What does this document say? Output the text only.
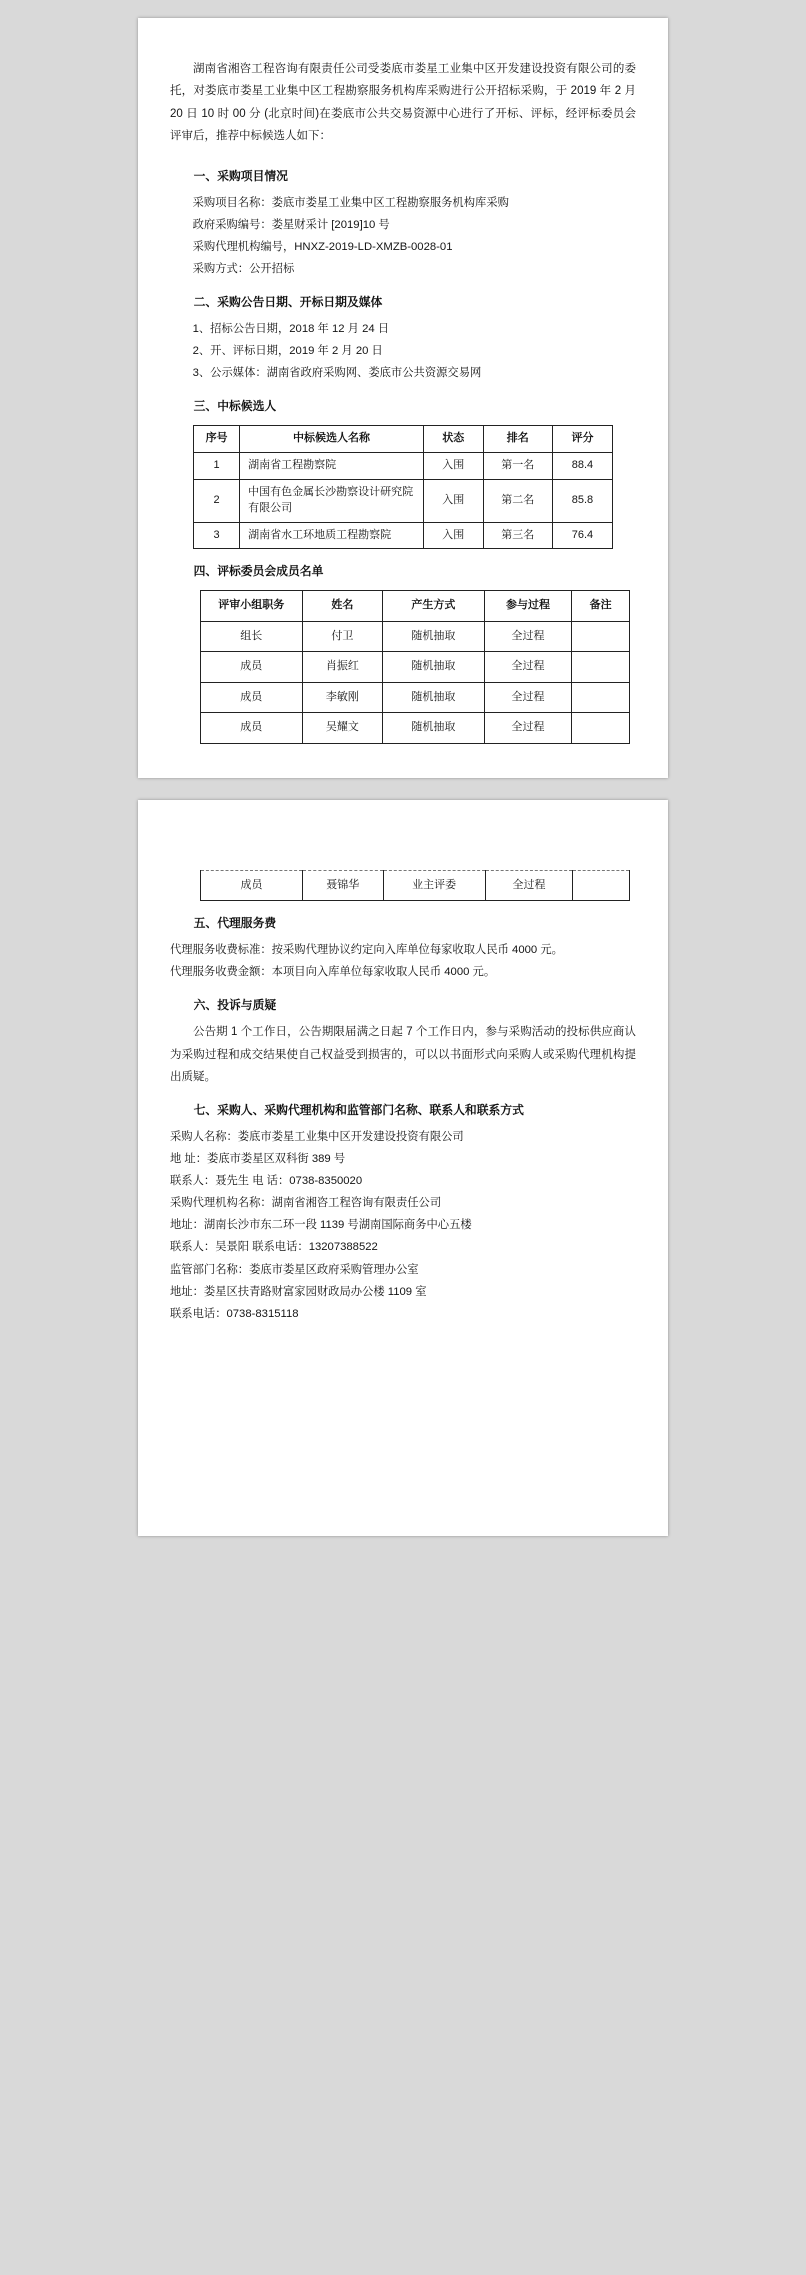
湖南省湘咨工程咨询有限责任公司受娄底市娄星工业集中区开发建设投资有限公司的委托，对娄底市娄星工业集中区工程勘察服务机构库采购进行公开招标采购，于 2019 年 2 月 20 日 10 时 00 分 (北京时间)在娄底市公共交易资源中心进行了开标、评标，经评标委员会评审后，推荐中标候选人如下：

一、采购项目情况

采购项目名称：娄底市娄星工业集中区工程勘察服务机构库采购

政府采购编号：娄星财采计 [2019]10 号

采购代理机构编号，HNXZ-2019-LD-XMZB-0028-01

采购方式：公开招标

二、采购公告日期、开标日期及媒体

1、招标公告日期，2018 年 12 月 24 日

2、开、评标日期，2019 年 2 月 20 日

3、公示媒体：湖南省政府采购网、娄底市公共资源交易网

三、中标候选人
序号	中标候选人名称	状态	排名	评分
1	湖南省工程勘察院	入围	第一名	88.4
2	中国有色金属长沙勘察设计研究院有限公司	入围	第二名	85.8
3	湖南省水工环地质工程勘察院	入围	第三名	76.4
四、评标委员会成员名单
评审小组职务	姓名	产生方式	参与过程	备注
组长	付卫	随机抽取	全过程	
成员	肖振红	随机抽取	全过程	
成员	李敏刚	随机抽取	全过程	
成员	吴耀文	随机抽取	全过程	
成员	聂锦华	业主评委	全过程	
五、代理服务费

代理服务收费标准：按采购代理协议约定向入库单位每家收取人民币 4000 元。

代理服务收费金额：本项目向入库单位每家收取人民币 4000 元。

六、投诉与质疑

公告期 1 个工作日，公告期限届满之日起 7 个工作日内，参与采购活动的投标供应商认为采购过程和成交结果使自己权益受到损害的，可以以书面形式向采购人或采购代理机构提出质疑。

七、采购人、采购代理机构和监管部门名称、联系人和联系方式

采购人名称：娄底市娄星工业集中区开发建设投资有限公司

地 址：娄底市娄星区双科街 389 号

联系人：聂先生 电 话：0738-8350020

采购代理机构名称：湖南省湘咨工程咨询有限责任公司

地址：湖南长沙市东二环一段 1139 号湖南国际商务中心五楼

联系人：吴景阳 联系电话：13207388522

监管部门名称：娄底市娄星区政府采购管理办公室

地址：娄星区扶青路财富家园财政局办公楼 1109 室

联系电话：0738-8315118
